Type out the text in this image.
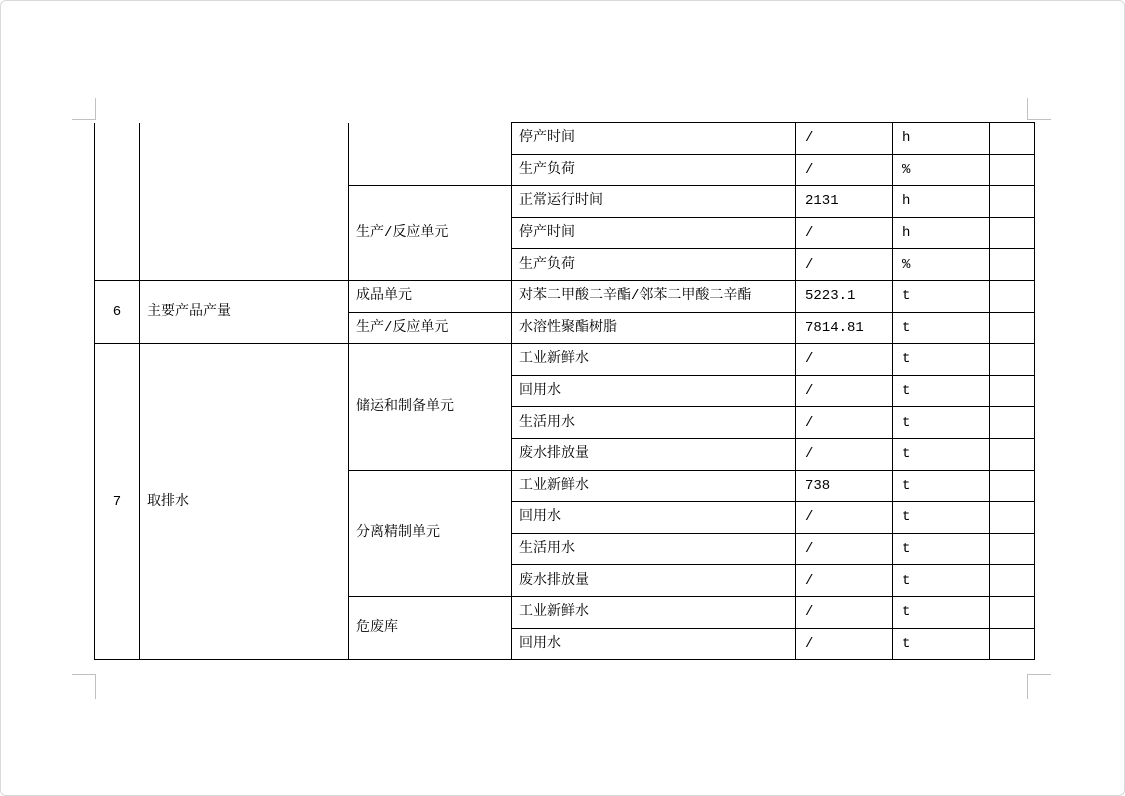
			停产时间	/	h	
			生产负荷	/	%	
		生产/反应单元	正常运行时间	2131	h	
			停产时间	/	h	
			生产负荷	/	%	
6	主要产品产量	成品单元	对苯二甲酸二辛酯/邻苯二甲酸二辛酯	5223.1	t	
		生产/反应单元	水溶性聚酯树脂	7814.81	t	
7	取排水	储运和制备单元	工业新鲜水	/	t	
			回用水	/	t	
			生活用水	/	t	
			废水排放量	/	t	
		分离精制单元	工业新鲜水	738	t	
			回用水	/	t	
			生活用水	/	t	
			废水排放量	/	t	
		危废库	工业新鲜水	/	t	
			回用水	/	t	
